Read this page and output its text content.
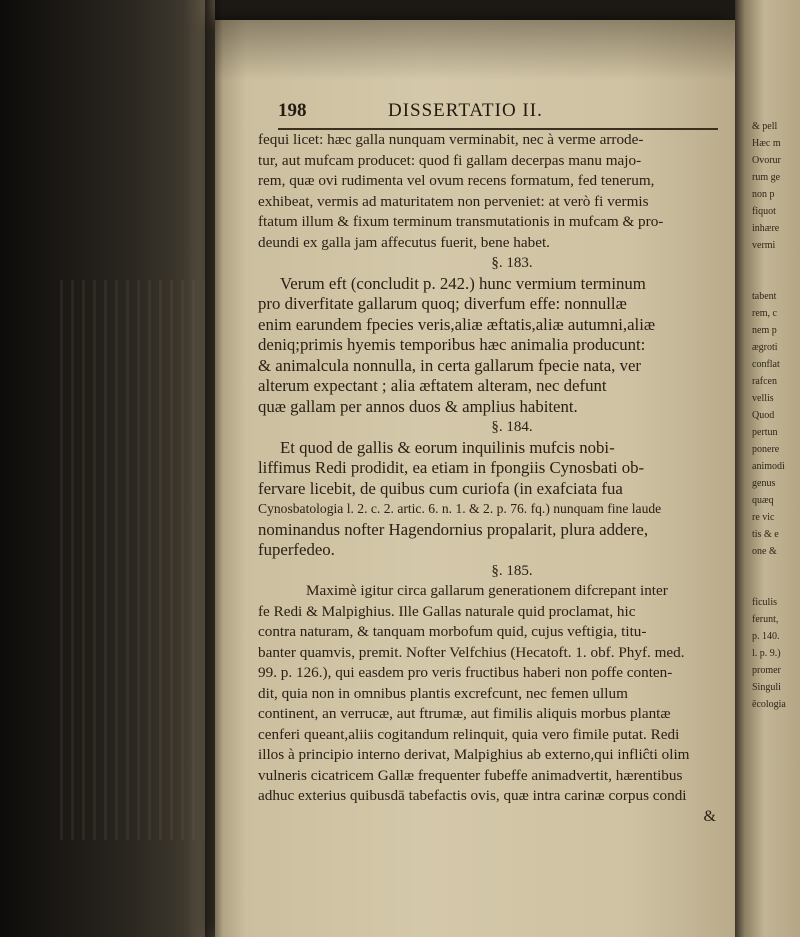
& pell
Hæc m
Ovorur
rum ge
non p
fiquot
inhære
vermi
tabent
rem, c
nem p
ægroti
conflat
rafcen
vellis
Quod
pertun
ponere
animodi
genus
quæq
re vic
tis & e
one &
ficulis
ferunt,
p. 140.
l. p. 9.)
promer
Singuli
ēcologia
198	DISSERTATIO II.
fequi licet: hæc galla nunquam verminabit, nec à verme arrode-
tur, aut mufcam producet: quod fi gallam decerpas manu majo-
rem, quæ ovi rudimenta vel ovum recens formatum, fed tenerum,
exhibeat, vermis ad maturitatem non perveniet: at verò fi vermis
ftatum illum & fixum terminum transmutationis in mufcam & pro-
deundi ex galla jam affecutus fuerit, bene habet.
§. 183.
Verum eft (concludit p. 242.) hunc vermium terminum
pro diverfitate gallarum quoq; diverfum effe: nonnullæ
enim earundem fpecies veris,aliæ æftatis,aliæ autumni,aliæ
deniq;primis hyemis temporibus hæc animalia producunt:
& animalcula nonnulla, in certa gallarum fpecie nata, ver
alterum expectant ; alia æftatem alteram, nec defunt
quæ gallam per annos duos & amplius habitent.
§. 184.
Et quod de gallis & eorum inquilinis mufcis nobi-
liffimus Redi prodidit, ea etiam in fpongiis Cynosbati ob-
fervare licebit, de quibus cum curiofa (in exafciata fua
Cynosbatologia l. 2. c. 2. artic. 6. n. 1. & 2. p. 76. fq.) nunquam fine laude
nominandus nofter Hagendornius propalarit, plura addere,
fuperfedeo.
§. 185.
Maximè igitur circa gallarum generationem difcrepant inter
fe Redi & Malpighius. Ille Gallas naturale quid proclamat, hic
contra naturam, & tanquam morbofum quid, cujus veftigia, titu-
banter quamvis, premit. Nofter Velfchius (Hecatoft. 1. obf. Phyf. med.
99. p. 126.), qui easdem pro veris fructibus haberi non poffe conten-
dit, quia non in omnibus plantis excrefcunt, nec femen ullum
continent, an verrucæ, aut ftrumæ, aut fimilis aliquis morbus plantæ
cenferi queant,aliis cogitandum relinquit, quia vero fimile putat. Redi
illos à principio interno derivat, Malpighius ab externo,qui infliĉti olim
vulneris cicatricem Gallæ frequenter fubeffe animadvertit, hærentibus
adhuc exterius quibusdā tabefactis ovis, quæ intra carinæ corpus condi
&
